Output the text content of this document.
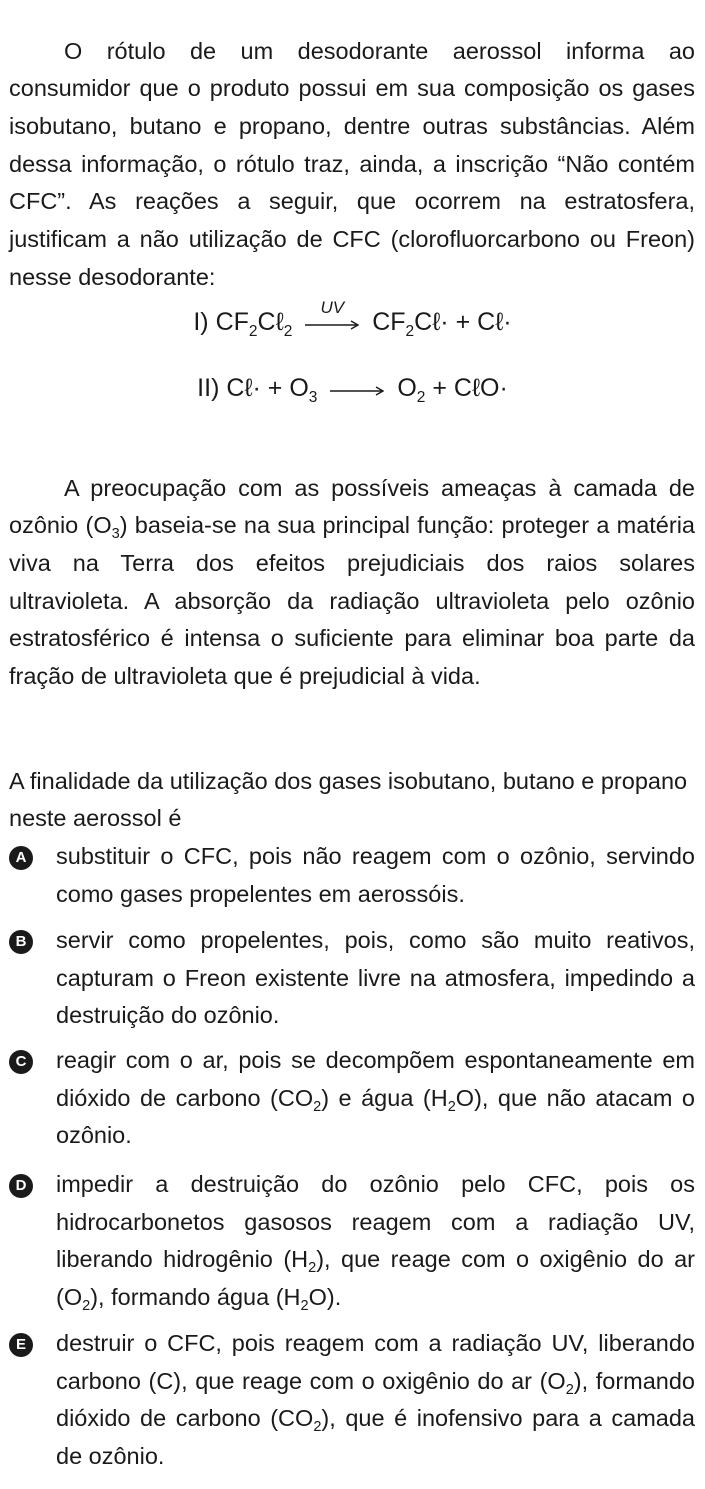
O rótulo de um desodorante aerossol informa ao consumidor que o produto possui em sua composição os gases isobutano, butano e propano, dentre outras substâncias. Além dessa informação, o rótulo traz, ainda, a inscrição “Não contém CFC”. As reações a seguir, que ocorrem na estratosfera, justificam a não utilização de CFC (clorofluorcarbono ou Freon) nesse desodorante:

I) $CF_2C\ell_2$
UV
$CF_2C\ell\cdot$ + Cℓ·
II) Cℓ· + $O_3 \to O_2$ + CℓO·

A preocupação com as possíveis ameaças à camada de ozônio $(O_3)$ baseia-se na sua principal função: proteger a matéria viva na Terra dos efeitos prejudiciais dos raios solares ultravioleta. A absorção da radiação ultravioleta pelo ozônio estratosférico é intensa o suficiente para eliminar boa parte da fração de ultravioleta que é prejudicial à vida.

A finalidade da utilização dos gases isobutano, butano e propano neste aerossol é

A substituir o CFC, pois não reagem com o ozônio, servindo como gases propelentes em aerossóis.
B servir como propelentes, pois, como são muito reativos, capturam o Freon existente livre na atmosfera, impedindo a destruição do ozônio.
C reagir com o ar, pois se decompõem espontaneamente em dióxido de carbono $(CO_2)$ e água $(H_2O)$, que não atacam o ozônio.
D impedir a destruição do ozônio pelo CFC, pois os hidrocarbonetos gasosos reagem com a radiação UV, liberando hidrogênio $(H_2)$, que reage com o oxigênio do ar $(O_2)$, formando água $(H_2O)$.
E destruir o CFC, pois reagem com a radiação UV, liberando carbono (C), que reage com o oxigênio do ar $(O_2)$, formando dióxido de carbono $(CO_2)$, que é inofensivo para a camada de ozônio.
